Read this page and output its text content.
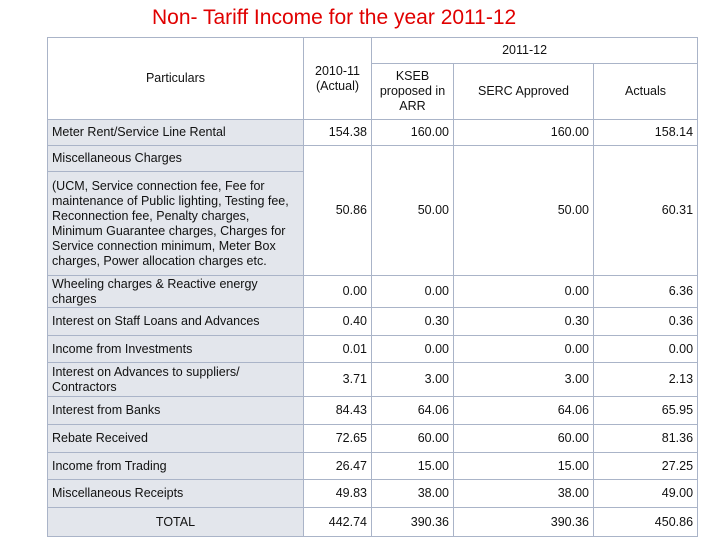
Non- Tariff Income for the year 2011-12
Particulars	2010-11 (Actual)	2011-12		
		KSEB proposed in ARR	SERC Approved	Actuals
Meter Rent/Service Line Rental	154.38	160.00	160.00	158.14
Miscellaneous Charges	50.86	50.00	50.00	60.31
(UCM, Service connection fee, Fee for maintenance of Public lighting, Testing fee, Reconnection fee, Penalty charges, Minimum Guarantee charges, Charges for Service connection minimum, Meter Box charges, Power allocation charges etc.				
Wheeling charges & Reactive energy charges	0.00	0.00	0.00	6.36
Interest on Staff Loans and Advances	0.40	0.30	0.30	0.36
Income from Investments	0.01	0.00	0.00	0.00
Interest on Advances to suppliers/ Contractors	3.71	3.00	3.00	2.13
Interest from Banks	84.43	64.06	64.06	65.95
Rebate Received	72.65	60.00	60.00	81.36
Income from Trading	26.47	15.00	15.00	27.25
Miscellaneous Receipts	49.83	38.00	38.00	49.00
TOTAL	442.74	390.36	390.36	450.86
